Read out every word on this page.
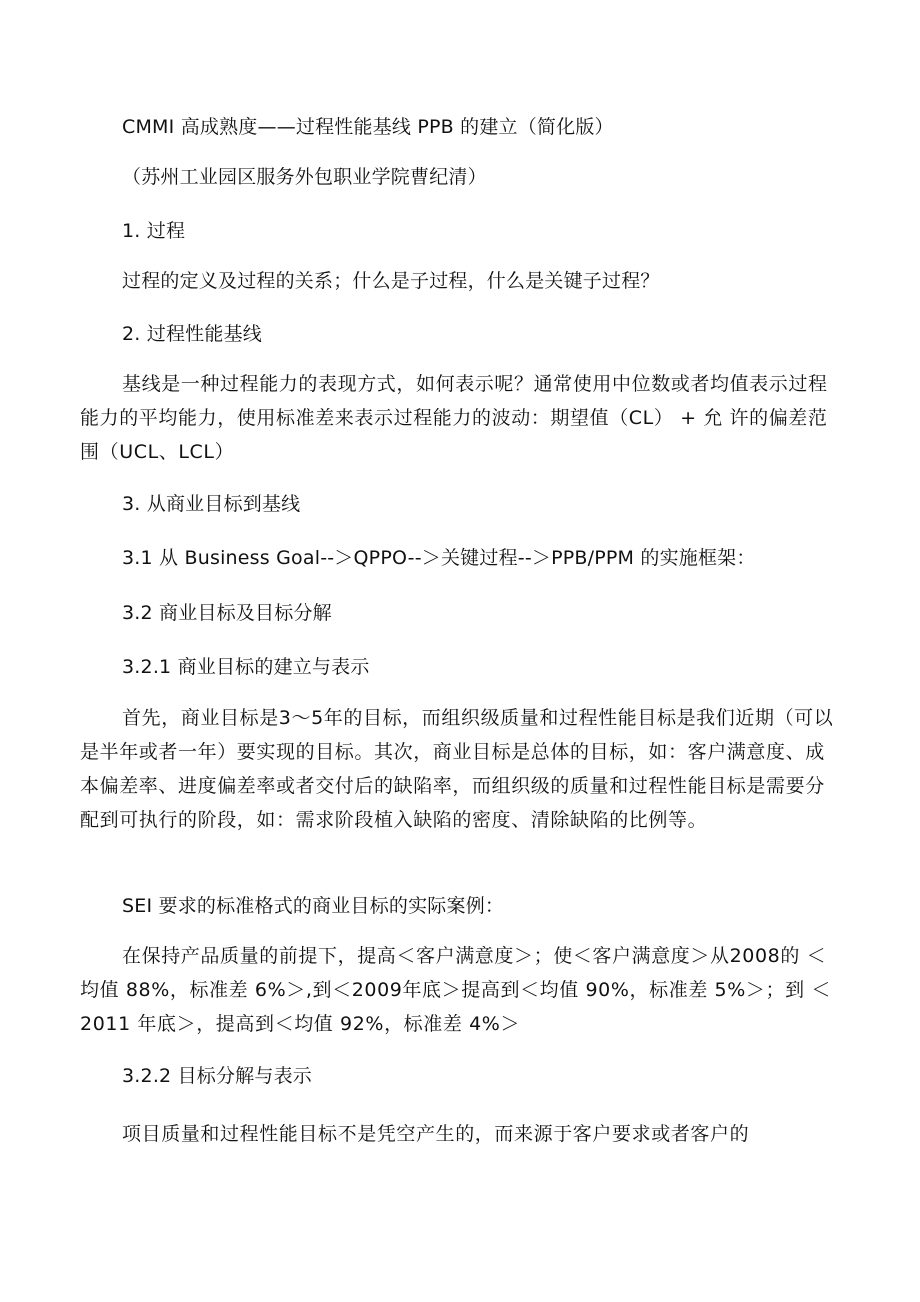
CMMI 高成熟度——过程性能基线 PPB 的建立（简化版）
（苏州工业园区服务外包职业学院曹纪清）
1. 过程
过程的定义及过程的关系；什么是子过程，什么是关键子过程？
2. 过程性能基线

基线是一种过程能力的表现方式，如何表示呢？通常使用中位数或者均值表示过程能力的平均能力，使用标准差来表示过程能力的波动：期望值（CL） + 允 许的偏差范围（UCL、LCL）

3. 从商业目标到基线
3.1 从 Business Goal--＞QPPO--＞关键过程--＞PPB/PPM 的实施框架：
3.2 商业目标及目标分解
3.2.1 商业目标的建立与表示

首先，商业目标是3～5年的目标，而组织级质量和过程性能目标是我们近期（可以是半年或者一年）要实现的目标。其次，商业目标是总体的目标，如：客户满意度、成本偏差率、进度偏差率或者交付后的缺陷率，而组织级的质量和过程性能目标是需要分配到可执行的阶段，如：需求阶段植入缺陷的密度、清除缺陷的比例等。

SEI 要求的标准格式的商业目标的实际案例：

在保持产品质量的前提下，提高＜客户满意度＞；使＜客户满意度＞从2008的 ＜均值 88%，标准差 6%＞,到＜2009年底＞提高到＜均值 90%，标准差 5%＞；到 ＜2011 年底＞，提高到＜均值 92%，标准差 4%＞

3.2.2 目标分解与表示

项目质量和过程性能目标不是凭空产生的，而来源于客户要求或者客户的
